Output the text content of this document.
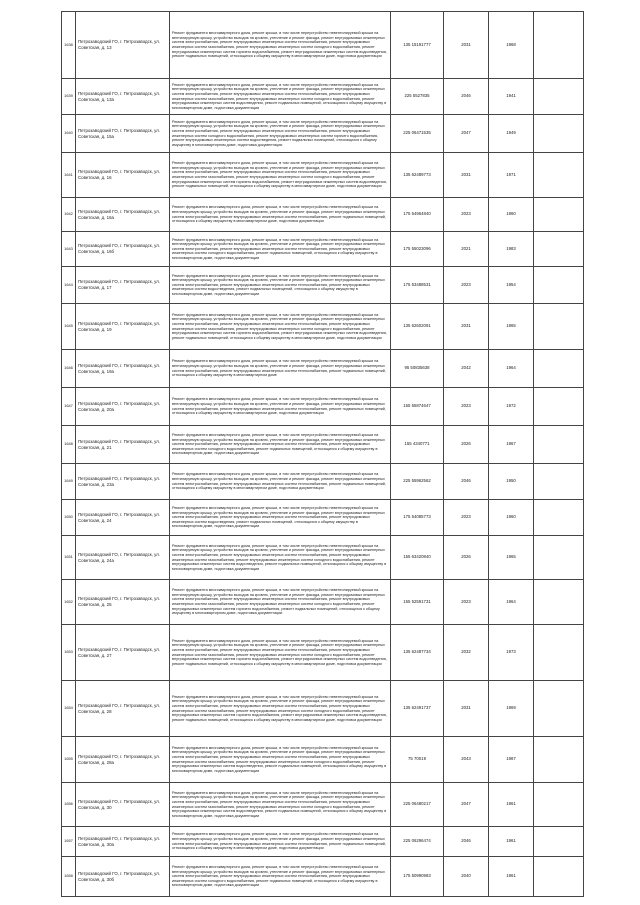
1638	Петрозаводский ГО, г. Петрозаводск, ул. Советская, д. 13	Ремонт фундамента многоквартирного дома, ремонт крыши, в том числе переустройство невентилируемой крыши на вентилируемую крышу, устройство выходов на кровлю, утепление и ремонт фасада, ремонт внутридомовых инженерных систем электроснабжения, ремонт внутридомовых инженерных систем теплоснабжения, ремонт внутридомовых инженерных систем газоснабжения, ремонт внутридомовых инженерных систем холодного водоснабжения, ремонт внутридомовых инженерных систем горячего водоснабжения, ремонт внутридомовых инженерных систем водоотведения, ремонт подвальных помещений, относящихся к общему имуществу в многоквартирном доме, подготовка документации	135 15191777	2031	1968	
1639	Петрозаводский ГО, г. Петрозаводск, ул. Советская, д. 13а	Ремонт фундамента многоквартирного дома, ремонт крыши, в том числе переустройство невентилируемой крыши на вентилируемую крышу, устройство выходов на кровлю, утепление и ремонт фасада, ремонт внутридомовых инженерных систем электроснабжения, ремонт внутридомовых инженерных систем теплоснабжения, ремонт внутридомовых инженерных систем газоснабжения, ремонт внутридомовых инженерных систем холодного водоснабжения, ремонт внутридомовых инженерных систем водоотведения, ремонт подвальных помещений, относящихся к общему имуществу в многоквартирном доме, подготовка документации	225 5527835	2046	1941	
1640	Петрозаводский ГО, г. Петрозаводск, ул. Советская, д. 15а	Ремонт фундамента многоквартирного дома, ремонт крыши, в том числе переустройство невентилируемой крыши на вентилируемую крышу, устройство выходов на кровлю, утепление и ремонт фасада, ремонт внутридомовых инженерных систем электроснабжения, ремонт внутридомовых инженерных систем теплоснабжения, ремонт внутридомовых инженерных систем холодного водоснабжения, ремонт внутридомовых инженерных систем горячего водоснабжения, ремонт внутридомовых инженерных систем водоотведения, ремонт подвальных помещений, относящихся к общему имуществу в многоквартирном доме, подготовка документации	225 06471535	2047	1949	
1641	Петрозаводский ГО, г. Петрозаводск, ул. Советская, д. 16	Ремонт фундамента многоквартирного дома, ремонт крыши, в том числе переустройство невентилируемой крыши на вентилируемую крышу, устройство выходов на кровлю, утепление и ремонт фасада, ремонт внутридомовых инженерных систем электроснабжения, ремонт внутридомовых инженерных систем теплоснабжения, ремонт внутридомовых инженерных систем газоснабжения, ремонт внутридомовых инженерных систем холодного водоснабжения, ремонт внутридомовых инженерных систем горячего водоснабжения, ремонт внутридомовых инженерных систем водоотведения, ремонт подвальных помещений, относящихся к общему имуществу в многоквартирном доме, подготовка документации	135 62489773	2031	1971	
1642	Петрозаводский ГО, г. Петрозаводск, ул. Советская, д. 16а	Ремонт фундамента многоквартирного дома, ремонт крыши, в том числе переустройство невентилируемой крыши на вентилируемую крышу, устройство выходов на кровлю, утепление и ремонт фасада, ремонт внутридомовых инженерных систем электроснабжения, ремонт внутридомовых инженерных систем теплоснабжения, ремонт подвальных помещений, относящихся к общему имуществу в многоквартирном доме, подготовка документации	175 54964840	2023	1960	
1643	Петрозаводский ГО, г. Петрозаводск, ул. Советская, д. 16б	Ремонт фундамента многоквартирного дома, ремонт крыши, в том числе переустройство невентилируемой крыши на вентилируемую крышу, устройство выходов на кровлю, утепление и ремонт фасада, ремонт внутридомовых инженерных систем электроснабжения, ремонт внутридомовых инженерных систем теплоснабжения, ремонт внутридомовых инженерных систем холодного водоснабжения, ремонт подвальных помещений, относящихся к общему имуществу в многоквартирном доме, подготовка документации	175 55023096	2021	1983	
1644	Петрозаводский ГО, г. Петрозаводск, ул. Советская, д. 17	Ремонт фундамента многоквартирного дома, ремонт крыши, в том числе переустройство невентилируемой крыши на вентилируемую крышу, устройство выходов на кровлю, утепление и ремонт фасада, ремонт внутридомовых инженерных систем электроснабжения, ремонт внутридомовых инженерных систем теплоснабжения, ремонт внутридомовых инженерных систем водоотведения, ремонт подвальных помещений, относящихся к общему имуществу в многоквартирном доме, подготовка документации	175 53488531	2023	1954	
1645	Петрозаводский ГО, г. Петрозаводск, ул. Советская, д. 19	Ремонт фундамента многоквартирного дома, ремонт крыши, в том числе переустройство невентилируемой крыши на вентилируемую крышу, устройство выходов на кровлю, утепление и ремонт фасада, ремонт внутридомовых инженерных систем электроснабжения, ремонт внутридомовых инженерных систем теплоснабжения, ремонт внутридомовых инженерных систем газоснабжения, ремонт внутридомовых инженерных систем холодного водоснабжения, ремонт внутридомовых инженерных систем горячего водоснабжения, ремонт внутридомовых инженерных систем водоотведения, ремонт подвальных помещений, относящихся к общему имуществу в многоквартирном доме, подготовка документации	135 62602091	2031	1965	
1646	Петрозаводский ГО, г. Петрозаводск, ул. Советская, д. 19а	Ремонт фундамента многоквартирного дома, ремонт крыши, в том числе переустройство невентилируемой крыши на вентилируемую крышу, устройство выходов на кровлю, утепление и ремонт фасада, ремонт внутридомовых инженерных систем электроснабжения, ремонт внутридомовых инженерных систем теплоснабжения, ремонт подвальных помещений, относящихся к общему имуществу в многоквартирном доме	95 50835638	2042	1964	
1647	Петрозаводский ГО, г. Петрозаводск, ул. Советская, д. 20а	Ремонт фундамента многоквартирного дома, ремонт крыши, в том числе переустройство невентилируемой крыши на вентилируемую крышу, устройство выходов на кровлю, утепление и ремонт фасада, ремонт внутридомовых инженерных систем электроснабжения, ремонт внутридомовых инженерных систем теплоснабжения, ремонт подвальных помещений, относящихся к общему имуществу в многоквартирном доме, подготовка документации	155 55874647	2023	1972	
1648	Петрозаводский ГО, г. Петрозаводск, ул. Советская, д. 21	Ремонт фундамента многоквартирного дома, ремонт крыши, в том числе переустройство невентилируемой крыши на вентилируемую крышу, устройство выходов на кровлю, утепление и ремонт фасада, ремонт внутридомовых инженерных систем электроснабжения, ремонт внутридомовых инженерных систем теплоснабжения, ремонт внутридомовых инженерных систем холодного водоснабжения, ремонт подвальных помещений, относящихся к общему имуществу в многоквартирном доме, подготовка документации	155 4340771	2026	1967	
1649	Петрозаводский ГО, г. Петрозаводск, ул. Советская, д. 23а	Ремонт фундамента многоквартирного дома, ремонт крыши, в том числе переустройство невентилируемой крыши на вентилируемую крышу, устройство выходов на кровлю, утепление и ремонт фасада, ремонт внутридомовых инженерных систем электроснабжения, ремонт внутридомовых инженерных систем теплоснабжения, ремонт подвальных помещений, относящихся к общему имуществу в многоквартирном доме, подготовка документации	225 55962562	2046	1950	
1650	Петрозаводский ГО, г. Петрозаводск, ул. Советская, д. 24	Ремонт фундамента многоквартирного дома, ремонт крыши, в том числе переустройство невентилируемой крыши на вентилируемую крышу, устройство выходов на кровлю, утепление и ремонт фасада, ремонт внутридомовых инженерных систем электроснабжения, ремонт внутридомовых инженерных систем теплоснабжения, ремонт внутридомовых инженерных систем водоотведения, ремонт подвальных помещений, относящихся к общему имуществу в многоквартирном доме, подготовка документации	175 54085773	2023	1960	
1651	Петрозаводский ГО, г. Петрозаводск, ул. Советская, д. 24а	Ремонт фундамента многоквартирного дома, ремонт крыши, в том числе переустройство невентилируемой крыши на вентилируемую крышу, устройство выходов на кровлю, утепление и ремонт фасада, ремонт внутридомовых инженерных систем электроснабжения, ремонт внутридомовых инженерных систем теплоснабжения, ремонт внутридомовых инженерных систем газоснабжения, ремонт внутридомовых инженерных систем холодного водоснабжения, ремонт внутридомовых инженерных систем водоотведения, ремонт подвальных помещений, относящихся к общему имуществу в многоквартирном доме, подготовка документации	155 63420840	2026	1965	
1652	Петрозаводский ГО, г. Петрозаводск, ул. Советская, д. 25	Ремонт фундамента многоквартирного дома, ремонт крыши, в том числе переустройство невентилируемой крыши на вентилируемую крышу, устройство выходов на кровлю, утепление и ремонт фасада, ремонт внутридомовых инженерных систем электроснабжения, ремонт внутридомовых инженерных систем теплоснабжения, ремонт внутридомовых инженерных систем газоснабжения, ремонт внутридомовых инженерных систем холодного водоснабжения, ремонт внутридомовых инженерных систем горячего водоснабжения, ремонт подвальных помещений, относящихся к общему имуществу в многоквартирном доме, подготовка документации	155 52591731	2023	1964	
1653	Петрозаводский ГО, г. Петрозаводск, ул. Советская, д. 27	Ремонт фундамента многоквартирного дома, ремонт крыши, в том числе переустройство невентилируемой крыши на вентилируемую крышу, устройство выходов на кровлю, утепление и ремонт фасада, ремонт внутридомовых инженерных систем электроснабжения, ремонт внутридомовых инженерных систем теплоснабжения, ремонт внутридомовых инженерных систем газоснабжения, ремонт внутридомовых инженерных систем холодного водоснабжения, ремонт внутридомовых инженерных систем горячего водоснабжения, ремонт внутридомовых инженерных систем водоотведения, ремонт подвальных помещений, относящихся к общему имуществу в многоквартирном доме, подготовка документации	135 62487734	2032	1973	
1654	Петрозаводский ГО, г. Петрозаводск, ул. Советская, д. 28	Ремонт фундамента многоквартирного дома, ремонт крыши, в том числе переустройство невентилируемой крыши на вентилируемую крышу, устройство выходов на кровлю, утепление и ремонт фасада, ремонт внутридомовых инженерных систем электроснабжения, ремонт внутридомовых инженерных систем теплоснабжения, ремонт внутридомовых инженерных систем газоснабжения, ремонт внутридомовых инженерных систем холодного водоснабжения, ремонт внутридомовых инженерных систем горячего водоснабжения, ремонт внутридомовых инженерных систем водоотведения, ремонт подвальных помещений, относящихся к общему имуществу в многоквартирном доме, подготовка документации	135 62491737	2031	1969	
1655	Петрозаводский ГО, г. Петрозаводск, ул. Советская, д. 28а	Ремонт фундамента многоквартирного дома, ремонт крыши, в том числе переустройство невентилируемой крыши на вентилируемую крышу, устройство выходов на кровлю, утепление и ремонт фасада, ремонт внутридомовых инженерных систем электроснабжения, ремонт внутридомовых инженерных систем теплоснабжения, ремонт внутридомовых инженерных систем газоснабжения, ремонт внутридомовых инженерных систем холодного водоснабжения, ремонт внутридомовых инженерных систем водоотведения, ремонт подвальных помещений, относящихся к общему имуществу в многоквартирном доме, подготовка документации	75 70019	2043	1987	
1656	Петрозаводский ГО, г. Петрозаводск, ул. Советская, д. 30	Ремонт фундамента многоквартирного дома, ремонт крыши, в том числе переустройство невентилируемой крыши на вентилируемую крышу, устройство выходов на кровлю, утепление и ремонт фасада, ремонт внутридомовых инженерных систем электроснабжения, ремонт внутридомовых инженерных систем теплоснабжения, ремонт внутридомовых инженерных систем газоснабжения, ремонт внутридомовых инженерных систем холодного водоснабжения, ремонт внутридомовых инженерных систем водоотведения, ремонт подвальных помещений, относящихся к общему имуществу в многоквартирном доме, подготовка документации	225 06480217	2047	1961	
1657	Петрозаводский ГО, г. Петрозаводск, ул. Советская, д. 30а	Ремонт фундамента многоквартирного дома, ремонт крыши, в том числе переустройство невентилируемой крыши на вентилируемую крышу, устройство выходов на кровлю, утепление и ремонт фасада, ремонт внутридомовых инженерных систем электроснабжения, ремонт внутридомовых инженерных систем теплоснабжения, ремонт подвальных помещений, относящихся к общему имуществу в многоквартирном доме, подготовка документации	225 06296474	2046	1961	
1658	Петрозаводский ГО, г. Петрозаводск, ул. Советская, д. 30б	Ремонт фундамента многоквартирного дома, ремонт крыши, в том числе переустройство невентилируемой крыши на вентилируемую крышу, устройство выходов на кровлю, утепление и ремонт фасада, ремонт внутридомовых инженерных систем электроснабжения, ремонт внутридомовых инженерных систем теплоснабжения, ремонт внутридомовых инженерных систем холодного водоснабжения, ремонт подвальных помещений, относящихся к общему имуществу в многоквартирном доме, подготовка документации	175 50990983	2040	1961	
